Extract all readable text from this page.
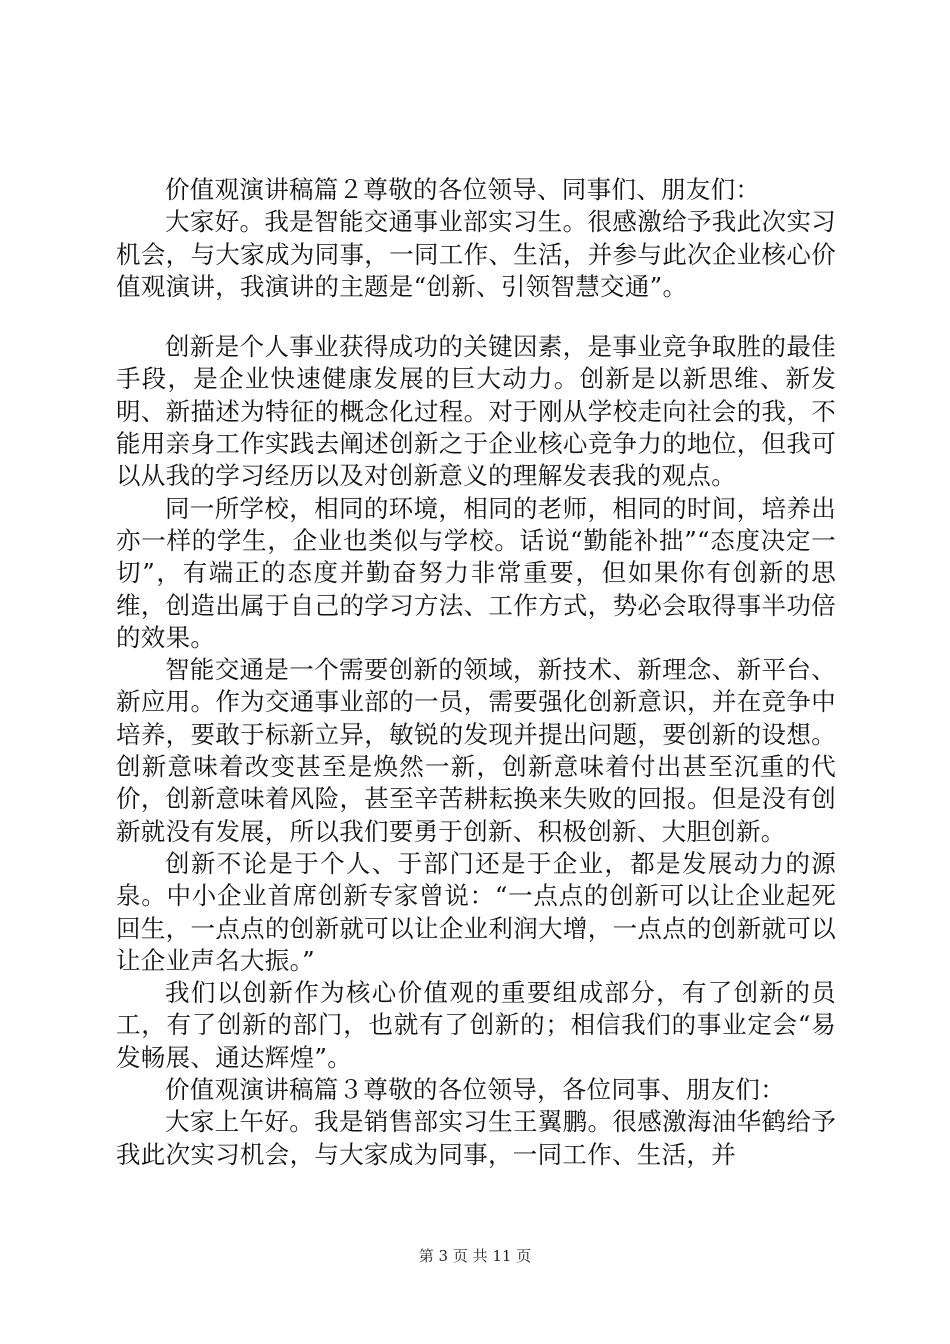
价值观演讲稿篇２尊敬的各位领导、同事们、朋友们：

大家好。我是智能交通事业部实习生。很感激给予我此次实习机会，与大家成为同事，一同工作、生活，并参与此次企业核心价值观演讲，我演讲的主题是“创新、引领智慧交通”。

创新是个人事业获得成功的关键因素，是事业竞争取胜的最佳手段，是企业快速健康发展的巨大动力。创新是以新思维、新发明、新描述为特征的概念化过程。对于刚从学校走向社会的我，不能用亲身工作实践去阐述创新之于企业核心竞争力的地位，但我可以从我的学习经历以及对创新意义的理解发表我的观点。

同一所学校，相同的环境，相同的老师，相同的时间，培养出亦一样的学生，企业也类似与学校。话说“勤能补拙”“态度决定一切”，有端正的态度并勤奋努力非常重要，但如果你有创新的思维，创造出属于自己的学习方法、工作方式，势必会取得事半功倍的效果。

智能交通是一个需要创新的领域，新技术、新理念、新平台、新应用。作为交通事业部的一员，需要强化创新意识，并在竞争中培养，要敢于标新立异，敏锐的发现并提出问题，要创新的设想。创新意味着改变甚至是焕然一新，创新意味着付出甚至沉重的代价，创新意味着风险，甚至辛苦耕耘换来失败的回报。但是没有创新就没有发展，所以我们要勇于创新、积极创新、大胆创新。

创新不论是于个人、于部门还是于企业，都是发展动力的源泉。中小企业首席创新专家曾说：“一点点的创新可以让企业起死回生，一点点的创新就可以让企业利润大增，一点点的创新就可以让企业声名大振。”

我们以创新作为核心价值观的重要组成部分，有了创新的员工，有了创新的部门，也就有了创新的；相信我们的事业定会“易发畅展、通达辉煌”。

价值观演讲稿篇３尊敬的各位领导，各位同事、朋友们：

大家上午好。我是销售部实习生王翼鹏。很感激海油华鹤给予我此次实习机会，与大家成为同事，一同工作、生活，并

第 3 页 共 11 页
